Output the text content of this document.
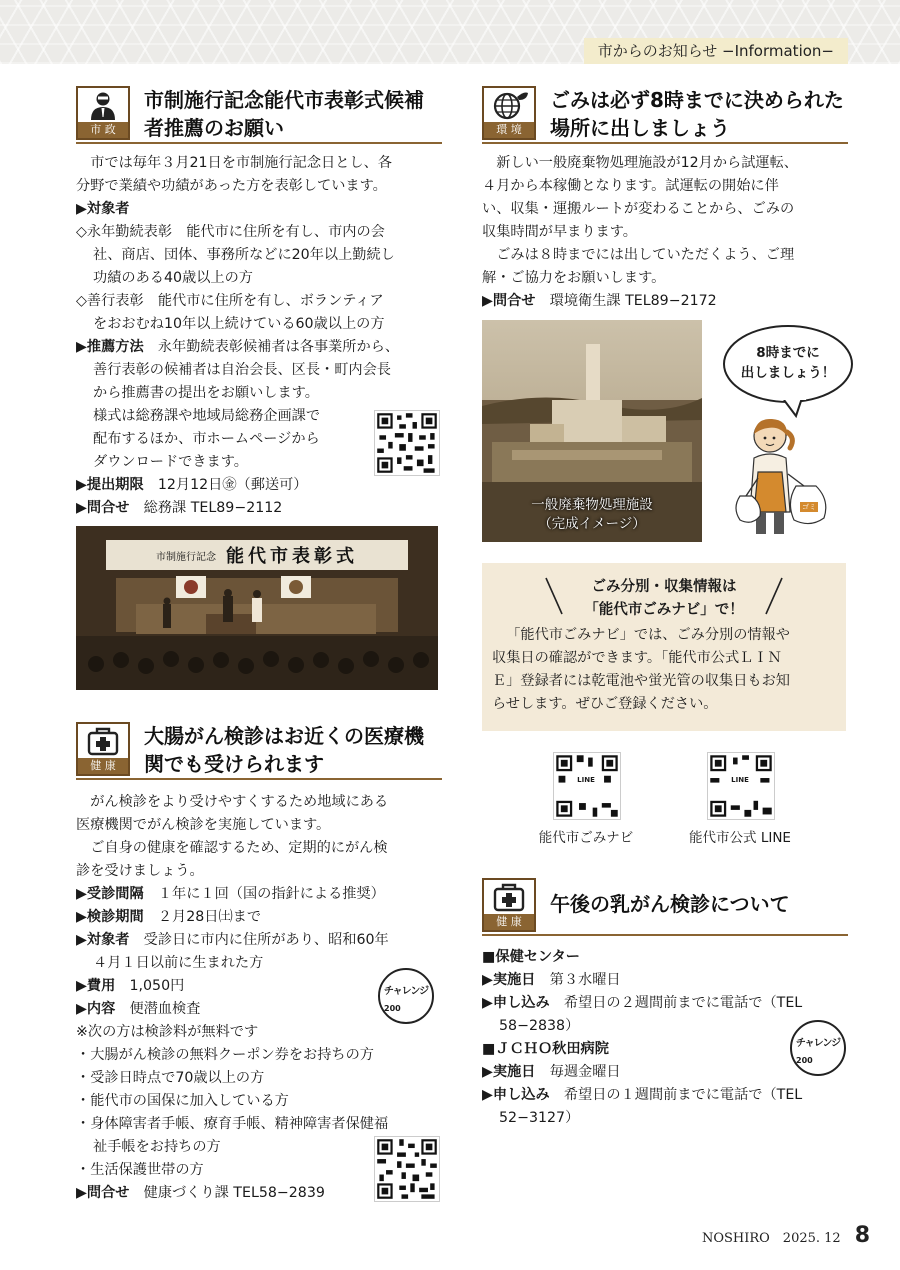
市からのお知らせ −Information−
市 政
市制施行記念能代市表彰式候補
者推薦のお願い

市では毎年３月21日を市制施行記念日とし、各

分野で業績や功績があった方を表彰しています。

▶対象者

◇永年勤続表彰　能代市に住所を有し、市内の会

社、商店、団体、事務所などに20年以上勤続し

功績のある40歳以上の方

◇善行表彰　能代市に住所を有し、ボランティア

をおおむね10年以上続けている60歳以上の方

▶推薦方法　永年勤続表彰候補者は各事業所から、

善行表彰の候補者は自治会長、区長・町内会長

から推薦書の提出をお願いします。

様式は総務課や地域局総務企画課で

配布するほか、市ホームページから

ダウンロードできます。

▶提出期限　12月12日㊎（郵送可）

▶問合せ　総務課 TEL89−2112

市制施行記念 能代市表彰式
健 康
大腸がん検診はお近くの医療機
関でも受けられます

がん検診をより受けやすくするため地域にある

医療機関でがん検診を実施しています。

ご自身の健康を確認するため、定期的にがん検

診を受けましょう。

▶受診間隔　１年に１回（国の指針による推奨）

▶検診期間　２月28日㈯まで

▶対象者　受診日に市内に住所があり、昭和60年

４月１日以前に生まれた方

▶費用　1,050円

▶内容　便潜血検査

※次の方は検診料が無料です

・大腸がん検診の無料クーポン券をお持ちの方

・受診日時点で70歳以上の方

・能代市の国保に加入している方

・身体障害者手帳、療育手帳、精神障害者保健福

祉手帳をお持ちの方

・生活保護世帯の方

▶問合せ　健康づくり課 TEL58−2839

チャレンジ
200
環 境
ごみは必ず8時までに決められた
場所に出しましょう

新しい一般廃棄物処理施設が12月から試運転、

４月から本稼働となります。試運転の開始に伴

い、収集・運搬ルートが変わることから、ごみの

収集時間が早まります。

ごみは８時までには出していただくよう、ご理

解・ご協力をお願いします。

▶問合せ　環境衛生課 TEL89−2172

一般廃棄物処理施設
（完成イメージ）
8時までに
出しましょう！
ゴミ
ごみ分別・収集情報は
「能代市ごみナビ」で！

「能代市ごみナビ」では、ごみ分別の情報や

収集日の確認ができます。「能代市公式ＬＩＮ

Ｅ」登録者には乾電池や蛍光管の収集日もお知

らせします。ぜひご登録ください。

LINE
能代市ごみナビ
LINE
能代市公式 LINE
健 康
午後の乳がん検診について

■保健センター

▶実施日　第３水曜日

▶申し込み　希望日の２週間前までに電話で（TEL

58−2838）

■ＪＣＨＯ秋田病院

▶実施日　毎週金曜日

▶申し込み　希望日の１週間前までに電話で（TEL

52−3127）

チャレンジ
200
NOSHIRO　2025. 12 8
